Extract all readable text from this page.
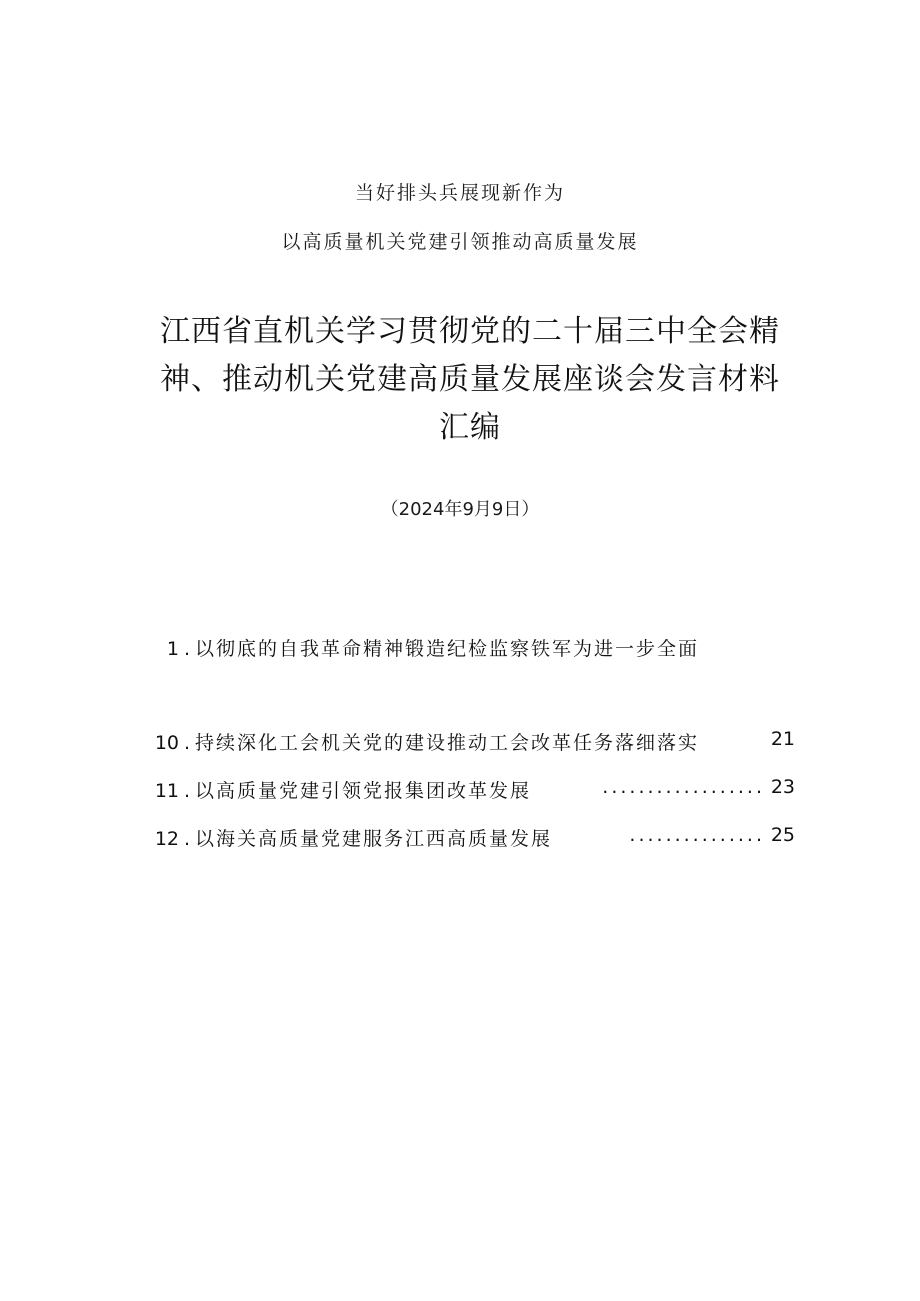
当好排头兵展现新作为
以高质量机关党建引领推动高质量发展
江西省直机关学习贯彻党的二十届三中全会精
神、推动机关党建高质量发展座谈会发言材料
汇编
（2024年9月9日）
1 . 以彻底的自我革命精神锻造纪检监察铁军为进一步全面
10 . 持续深化工会机关党的建设推动工会改革任务落细落实	21
11 . 以高质量党建引领党报集团改革发展	.................. 23
12 . 以海关高质量党建服务江西高质量发展	............... 25
